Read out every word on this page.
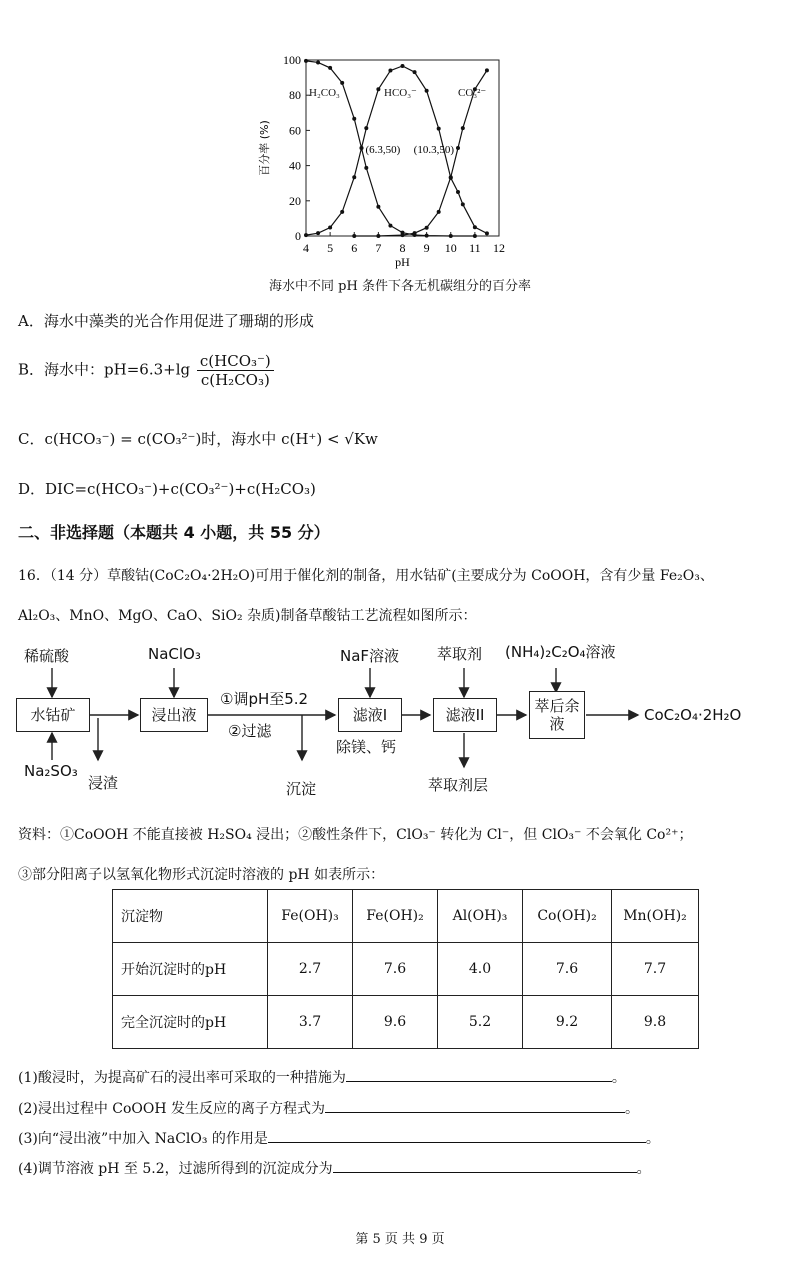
4 5 6 7 8 9 10 11 12
0
20
40
60
80
100
pH
百分率 (%)
H₂CO₃	HCO₃⁻	CO₃²⁻
(6.3,50) (10.3,50)
海水中不同 pH 条件下各无机碳组分的百分率
A．海水中藻类的光合作用促进了珊瑚的形成
B．海水中：$pH=6.3+\lg \frac{\text{c(HCO₃⁻)}}{\text{c(H₂CO₃)}}$
C．c(HCO₃⁻) = c(CO₃²⁻)时，海水中 c(H⁺) < √Kw
D．DIC=c(HCO₃⁻)+c(CO₃²⁻)+c(H₂CO₃)
二、非选择题（本题共 4 小题，共 55 分）
16．（14 分）草酸钴(CoC₂O₄·2H₂O)可用于催化剂的制备，用水钴矿(主要成分为 CoOOH，含有少量 Fe₂O₃、
Al₂O₃、MnO、MgO、CaO、SiO₂ 杂质)制备草酸钴工艺流程如图所示：
稀硫酸	NaClO₃	NaF溶液	萃取剂 (NH₄)₂C₂O₄溶液
水钴矿	浸出液	滤液I	滤液II	萃后余液
①调pH至5.2
②过滤
除镁、钙
Na₂SO₃
浸渣	沉淀	萃取剂层
CoC₂O₄·2H₂O
资料：①CoOOH 不能直接被 H₂SO₄ 浸出；②酸性条件下，ClO₃⁻ 转化为 Cl⁻，但 ClO₃⁻ 不会氧化 Co²⁺；
③部分阳离子以氢氧化物形式沉淀时溶液的 pH 如表所示：
沉淀物	Fe(OH)₃	Fe(OH)₂	Al(OH)₃	Co(OH)₂	Mn(OH)₂
开始沉淀时的pH	2.7	7.6	4.0	7.6	7.7
完全沉淀时的pH	3.7	9.6	5.2	9.2	9.8
(1)酸浸时，为提高矿石的浸出率可采取的一种措施为	。
(2)浸出过程中 CoOOH 发生反应的离子方程式为	。
(3)向“浸出液”中加入 NaClO₃ 的作用是	。
(4)调节溶液 pH 至 5.2，过滤所得到的沉淀成分为	。
第 5 页 共 9 页
